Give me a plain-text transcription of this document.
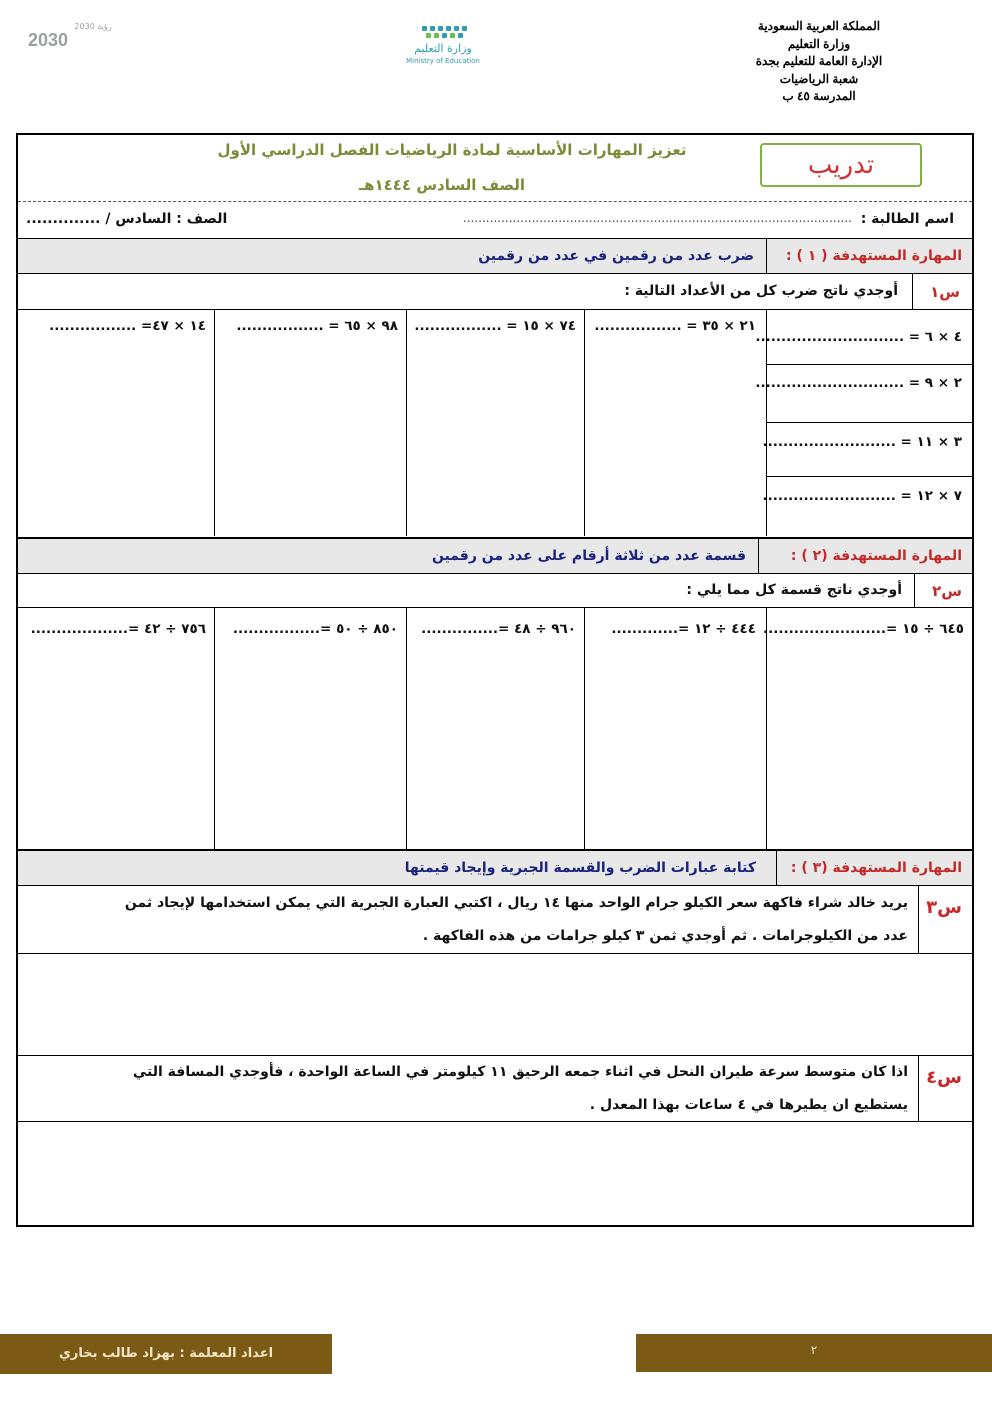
المملكة العربية السعودية
وزارة التعليم
الإدارة العامة للتعليم بجدة
شعبة الرياضيات
المدرسة ٤٥ ب
وزارة التعليم
Ministry of Education
2030
رؤية 2030
تعزيز المهارات الأساسية لمادة الرياضيات الفصل الدراسي الأول
الصف السادس ١٤٤٤هـ
اسم الطالبة :
......................................................................................................
الصف : السادس / ..............
المهارة المستهدفة ( ١ ) :
ضرب عدد من رقمين في عدد من رقمين
س١
أوجدي ناتج ضرب كل من الأعداد التالية :
٢١ × ٣٥ = .................
٧٤ × ١٥ = .................
٩٨ × ٦٥ = .................
١٤ × ٤٧= .................
٤ × ٦ = .............................
٢ × ٩ = .............................
٣ × ١١ = ..........................
٧ × ١٢ = ..........................
المهارة المستهدفة (٢ ) :
قسمة عدد من ثلاثة أرقام على عدد من رقمين
س٢
أوجدي ناتج قسمة كل مما يلي :
٦٤٥ ÷ ١٥ =........................
٤٤٤ ÷ ١٢ =.............
٩٦٠ ÷ ٤٨ =...............
٨٥٠ ÷ ٥٠ =.................
٧٥٦ ÷ ٤٢ =...................
المهارة المستهدفة (٣ ) :
كتابة عبارات الضرب والقسمة الجبرية وإيجاد قيمتها
س٣
يريد خالد شراء فاكهة سعر الكيلو جرام الواحد منها ١٤ ريال ، اكتبي العبارة الجبرية التي يمكن استخدامها لإيجاد ثمن
عدد من الكيلوجرامات . ثم أوجدي ثمن ٣ كيلو جرامات من هذه الفاكهة .
س٤
اذا كان متوسط سرعة طيران النحل في اثناء جمعه الرحيق ١١ كيلومتر في الساعة الواحدة ، فأوجدي المسافة التي
يستطيع ان يطيرها في ٤ ساعات بهذا المعدل .
تدريب
اعداد المعلمة : بهزاد طالب بخاري	٢
